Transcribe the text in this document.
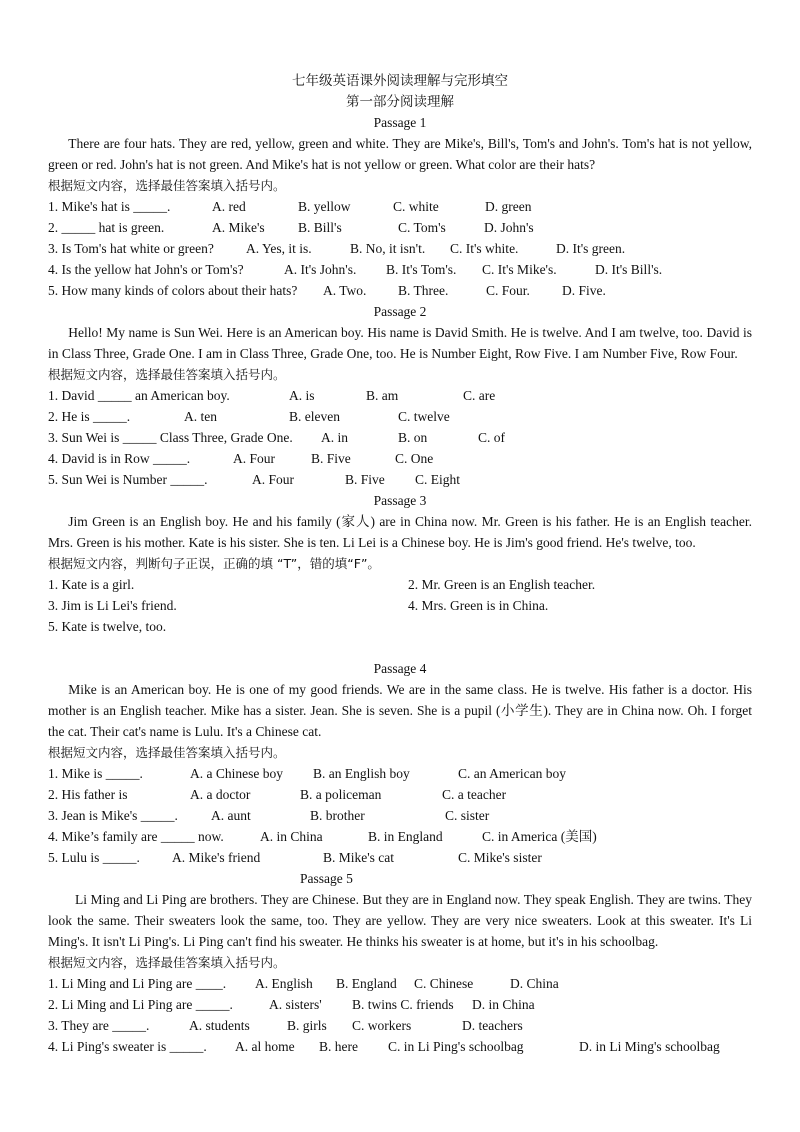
七年级英语课外阅读理解与完形填空
第一部分阅读理解
Passage 1

There are four hats. They are red, yellow, green and white. They are Mike's, Bill's, Tom's and John's. Tom's hat is not yellow, green or red. John's hat is not green. And Mike's hat is not yellow or green. What color are their hats?

根据短文内容，选择最佳答案填入括号内。
1. Mike's hat is _____.	A. red	B. yellow	C. white	D. green
2. _____ hat is green.	A. Mike's B. Bill's	C. Tom's	D. John's
3. Is Tom's hat white or green? A. Yes, it is.	B. No, it isn't. C. It's white.	D. It's green.
4. Is the yellow hat John's or Tom's?	A. It's John's. B. It's Tom's. C. It's Mike's.	D. It's Bill's.
5. How many kinds of colors about their hats? A. Two. B. Three.	C. Four. D. Five.
Passage 2

Hello! My name is Sun Wei. Here is an American boy. His name is David Smith. He is twelve. And I am twelve, too. David is in Class Three, Grade One. I am in Class Three, Grade One, too. He is Number Eight, Row Five. I am Number Five, Row Four.

根据短文内容，选择最佳答案填入括号内。
1. David _____ an American boy.	A. is	B. am	C. are
2. He is _____.	A. ten	B. eleven	C. twelve
3. Sun Wei is _____ Class Three, Grade One. A. in	B. on	C. of
4. David is in Row _____.	A. Four	B. Five	C. One
5. Sun Wei is Number _____.	A. Four	B. Five C. Eight
Passage 3

Jim Green is an English boy. He and his family (家人) are in China now. Mr. Green is his father. He is an English teacher. Mrs. Green is his mother. Kate is his sister. She is ten. Li Lei is a Chinese boy. He is Jim's good friend. He's twelve, too.

根据短文内容，判断句子正误，正确的填 “T”，错的填“F”。
1. Kate is a girl.	2. Mr. Green is an English teacher.
3. Jim is Li Lei's friend.	4. Mrs. Green is in China.
5. Kate is twelve, too.
Passage 4

Mike is an American boy. He is one of my good friends. We are in the same class. He is twelve. His father is a doctor. His mother is an English teacher. Mike has a sister. Jean. She is seven. She is a pupil (小学生). They are in China now. Oh. I forget the cat. Their cat's name is Lulu. It's a Chinese cat.

根据短文内容，选择最佳答案填入括号内。
1. Mike is _____.	A. a Chinese boy B. an English boy	C. an American boy
2. His father is	A. a doctor	B. a policeman	C. a teacher
3. Jean is Mike's _____. A. aunt	B. brother	C. sister
4. Mike’s family are _____ now.	A. in China	B. in England	C. in America (美国)
5. Lulu is _____. A. Mike's friend	B. Mike's cat	C. Mike's sister
Passage 5

Li Ming and Li Ping are brothers. They are Chinese. But they are in England now. They speak English. They are twins. They look the same. Their sweaters look the same, too. They are yellow. They are very nice sweaters. Look at this sweater. It's Li Ming's. It isn't Li Ping's. Li Ping can't find his sweater. He thinks his sweater is at home, but it's in his schoolbag.

根据短文内容，选择最佳答案填入括号内。
1. Li Ming and Li Ping are ____. A. English B. England C. Chinese	D. China
2. Li Ming and Li Ping are _____.	A. sisters' B. twins C. friends D. in China
3. They are _____.	A. students	B. girls C. workers	D. teachers
4. Li Ping's sweater is _____. A. al home B. here C. in Li Ping's schoolbag	D. in Li Ming's schoolbag
